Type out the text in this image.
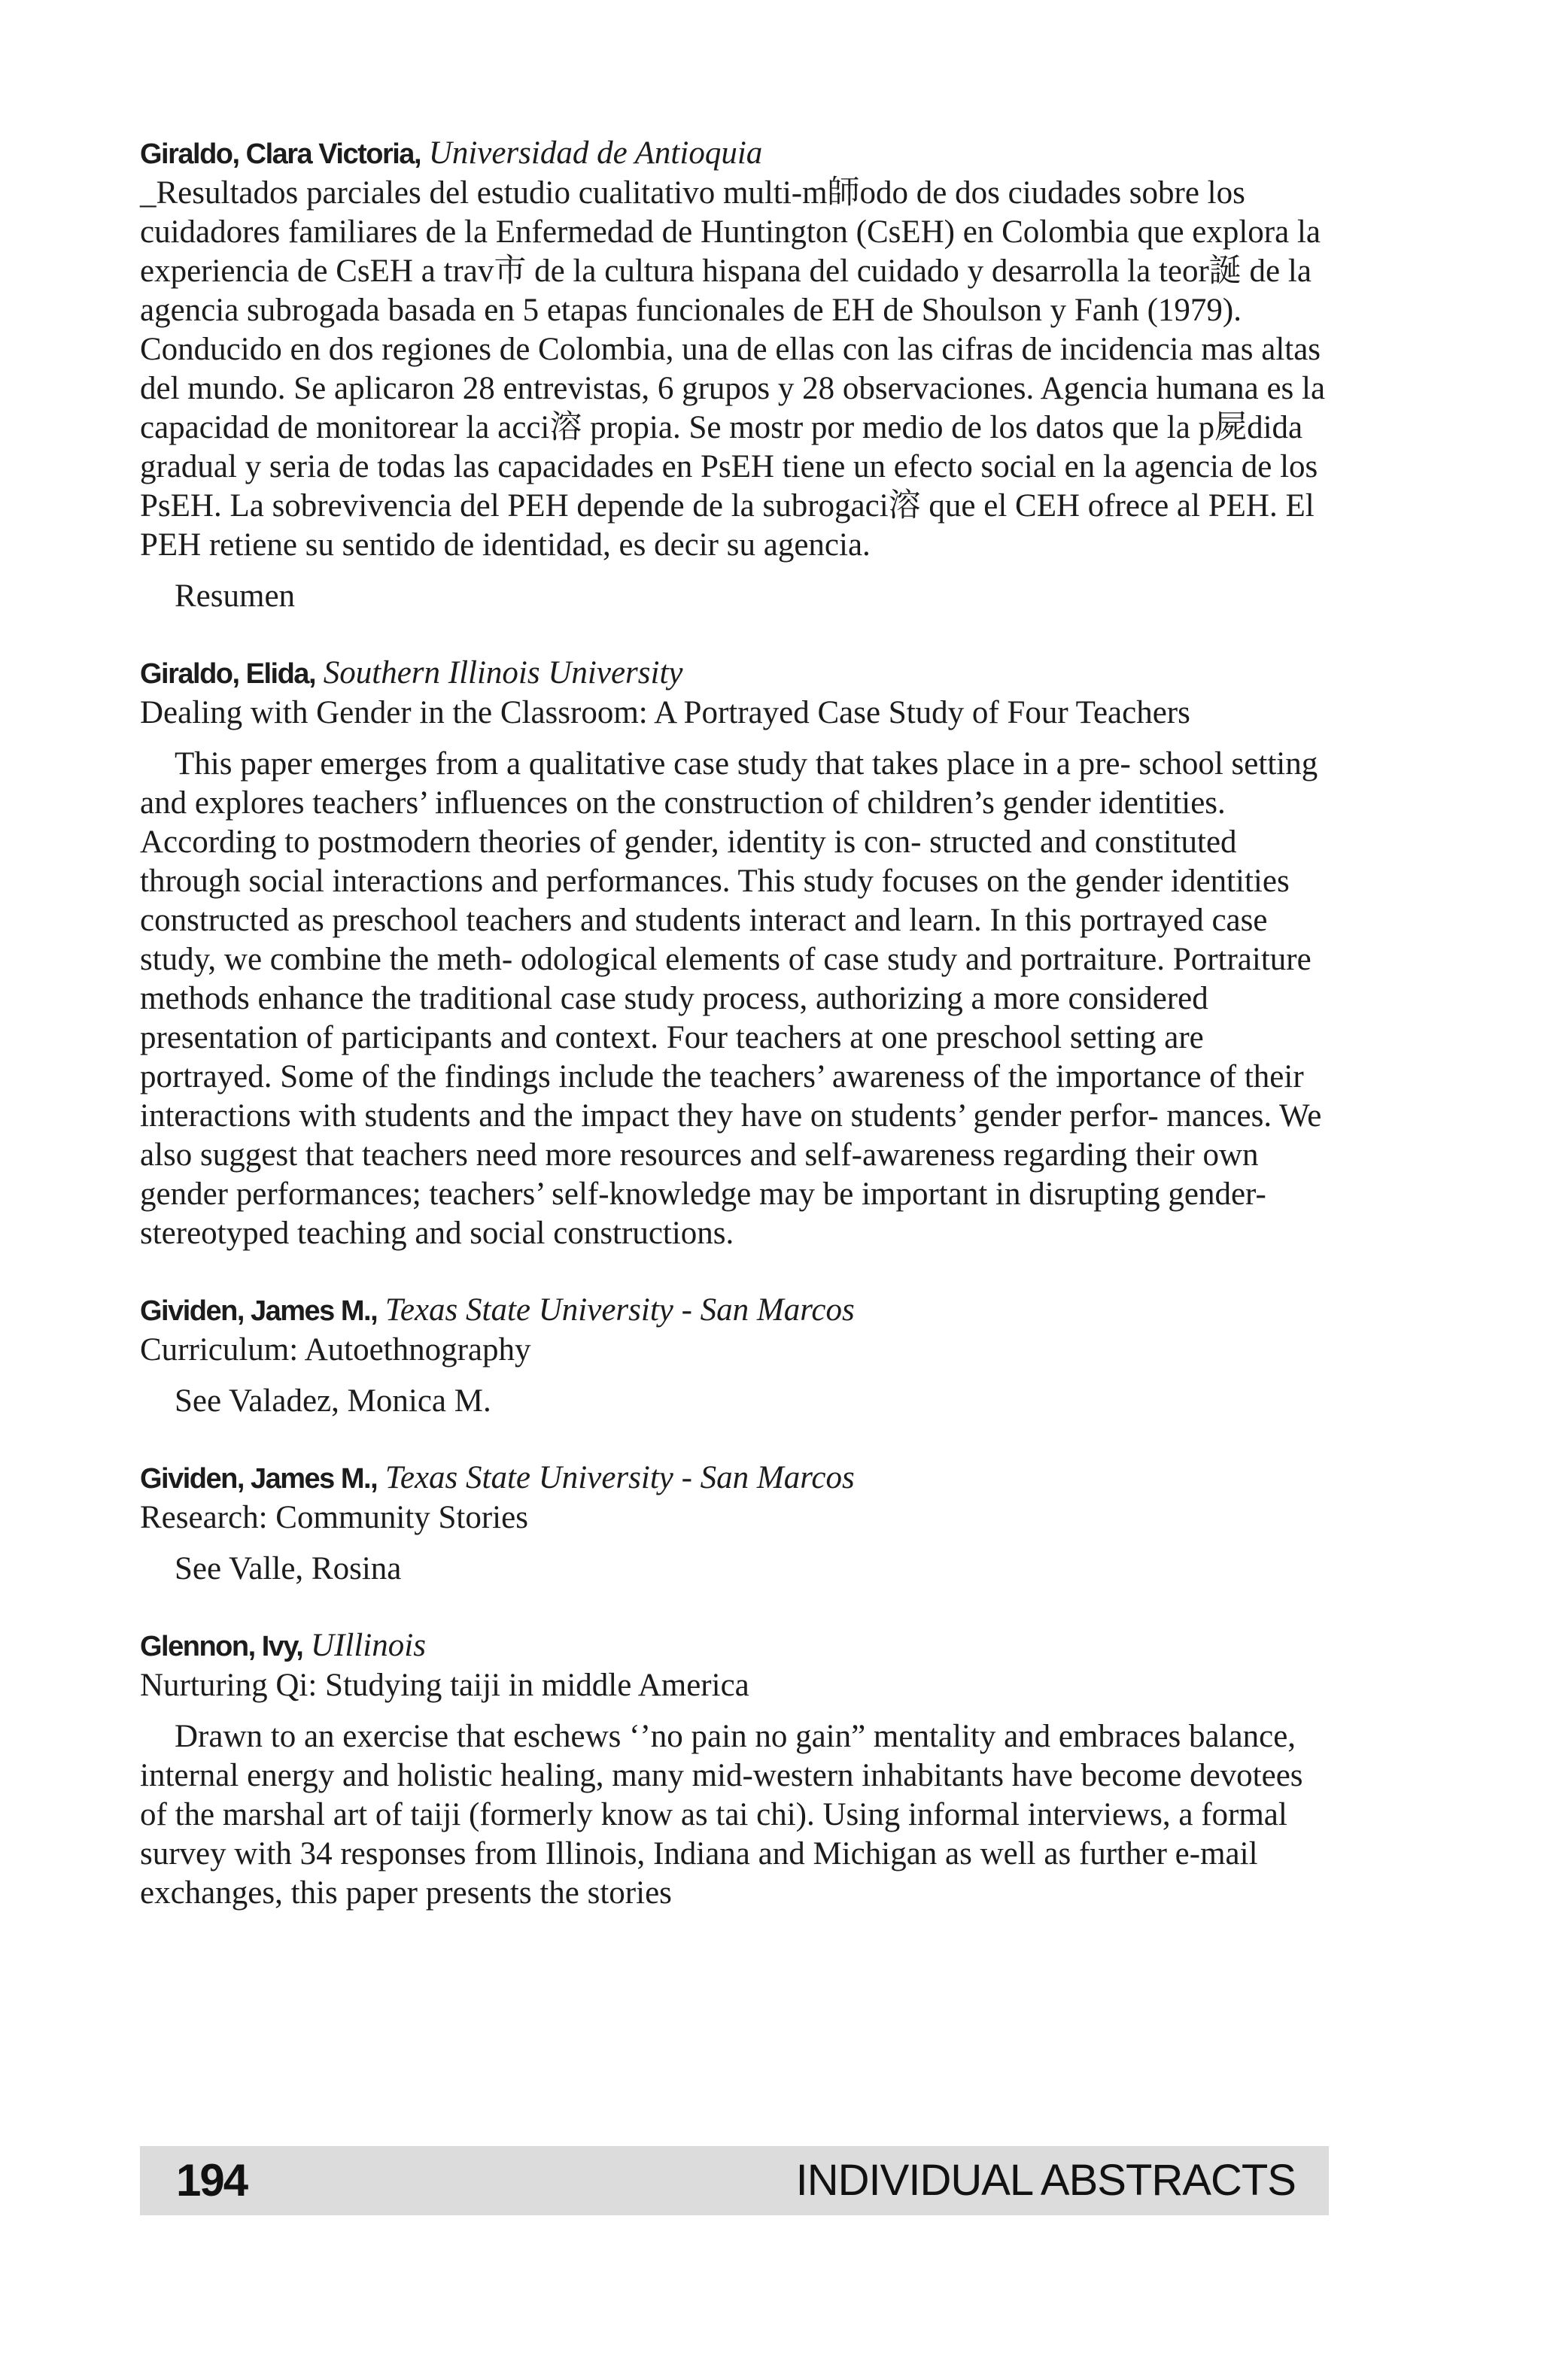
Giraldo, Clara Victoria, Universidad de Antioquia

_Resultados parciales del estudio cualitativo multi-m師odo de dos ciudades sobre los cuidadores familiares de la Enfermedad de Huntington (CsEH) en Colombia que explora la experiencia de CsEH a trav市 de la cultura hispana del cuidado y desarrolla la teor誕 de la agencia subrogada basada en 5 etapas funcionales de EH de Shoulson y Fanh (1979). Conducido en dos regiones de Colombia, una de ellas con las cifras de incidencia mas altas del mundo. Se aplicaron 28 entrevistas, 6 grupos y 28 observaciones. Agencia humana es la capacidad de monitorear la acci溶 propia. Se mostr por medio de los datos que la p屍dida gradual y seria de todas las capacidades en PsEH tiene un efecto social en la agencia de los PsEH. La sobrevivencia del PEH depende de la subrogaci溶 que el CEH ofrece al PEH. El PEH retiene su sentido de identidad, es decir su agencia.

Resumen

Giraldo, Elida, Southern Illinois University

Dealing with Gender in the Classroom: A Portrayed Case Study of Four Teachers

This paper emerges from a qualitative case study that takes place in a pre- school setting and explores teachers’ influences on the construction of children’s gender identities. According to postmodern theories of gender, identity is con- structed and constituted through social interactions and performances. This study focuses on the gender identities constructed as preschool teachers and students interact and learn. In this portrayed case study, we combine the meth- odological elements of case study and portraiture. Portraiture methods enhance the traditional case study process, authorizing a more considered presentation of participants and context. Four teachers at one preschool setting are portrayed. Some of the findings include the teachers’ awareness of the importance of their interactions with students and the impact they have on students’ gender perfor- mances. We also suggest that teachers need more resources and self-awareness regarding their own gender performances; teachers’ self-knowledge may be important in disrupting gender-stereotyped teaching and social constructions.

Gividen, James M., Texas State University - San Marcos

Curriculum: Autoethnography

See Valadez, Monica M.

Gividen, James M., Texas State University - San Marcos

Research: Community Stories

See Valle, Rosina

Glennon, Ivy, UIllinois

Nurturing Qi: Studying taiji in middle America

Drawn to an exercise that eschews ‘’no pain no gain” mentality and embraces balance, internal energy and holistic healing, many mid-western inhabitants have become devotees of the marshal art of taiji (formerly know as tai chi). Using informal interviews, a formal survey with 34 responses from Illinois, Indiana and Michigan as well as further e-mail exchanges, this paper presents the stories

194	INDIVIDUAL ABSTRACTS
